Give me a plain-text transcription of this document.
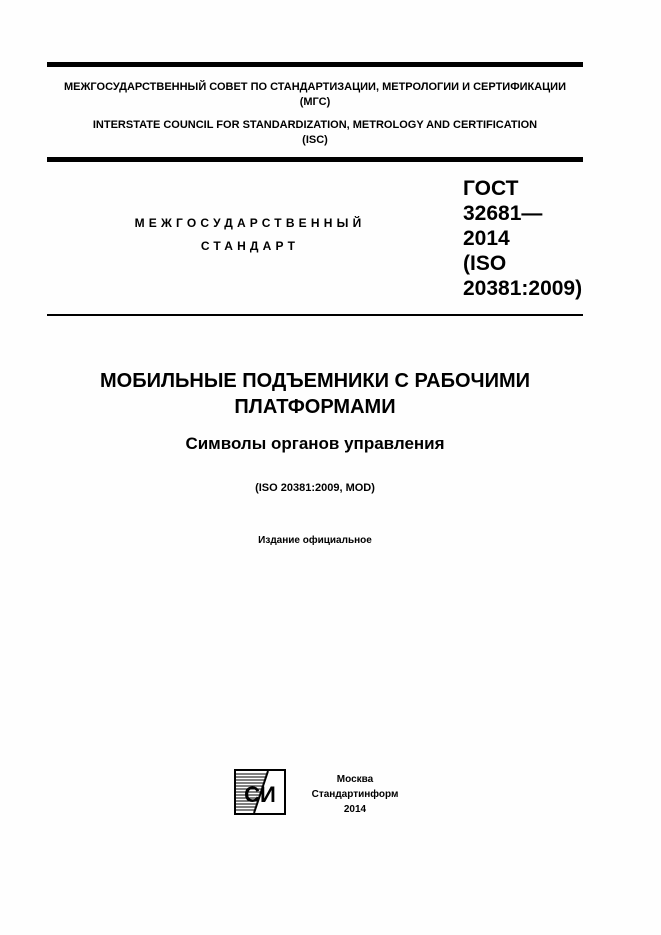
МЕЖГОСУДАРСТВЕННЫЙ СОВЕТ ПО СТАНДАРТИЗАЦИИ, МЕТРОЛОГИИ И СЕРТИФИКАЦИИ
(МГС)
INTERSTATE COUNCIL FOR STANDARDIZATION, METROLOGY AND CERTIFICATION
(ISC)
МЕЖГОСУДАРСТВЕННЫЙ
СТАНДАРТ
ГОСТ
32681—
2014
(ISO
20381:2009)
МОБИЛЬНЫЕ ПОДЪЕМНИКИ С РАБОЧИМИ
ПЛАТФОРМАМИ
Символы органов управления
(ISO 20381:2009, MOD)
Издание официальное
СИ
Москва
Стандартинформ
2014
